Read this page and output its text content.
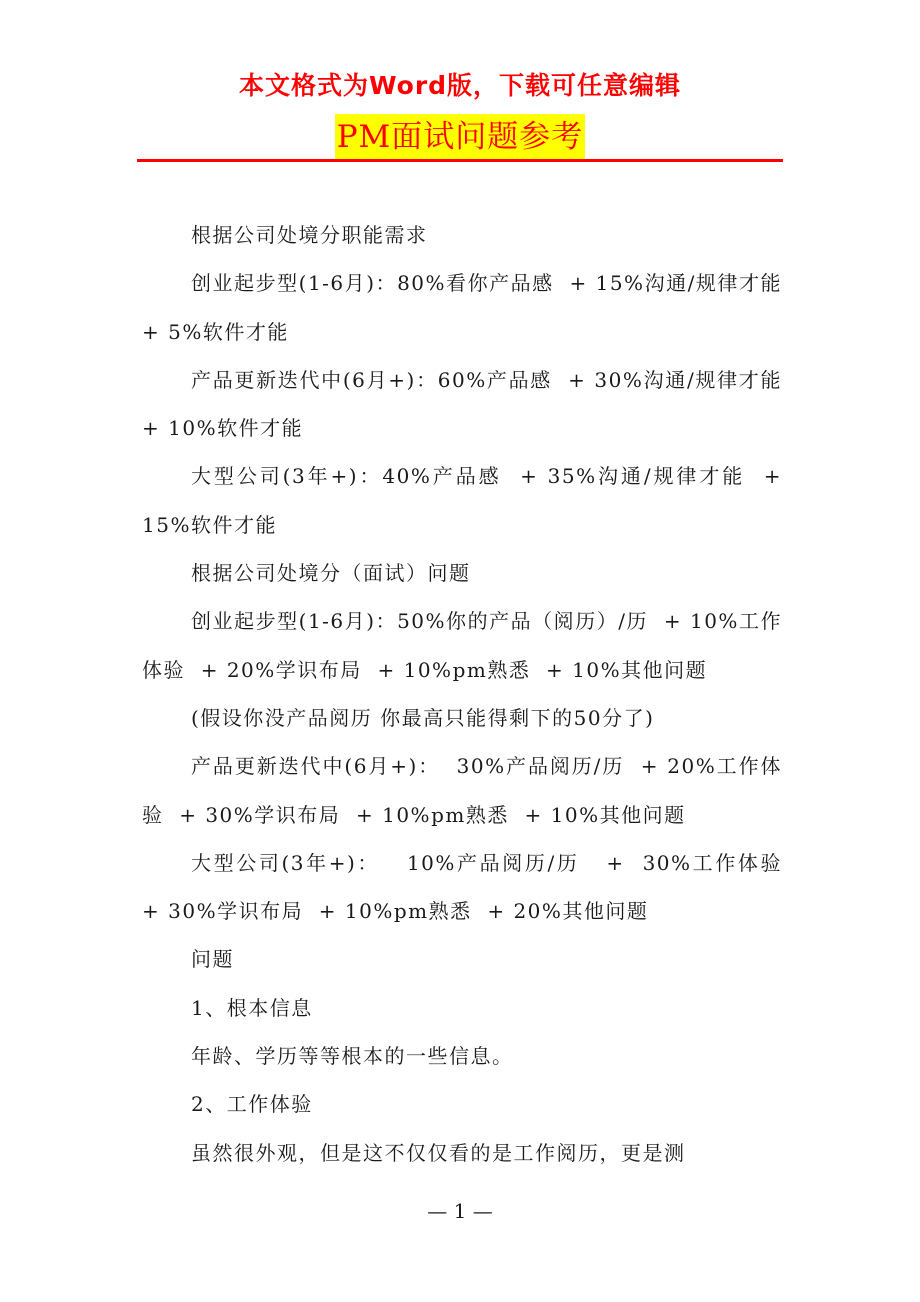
本文格式为Word版，下载可任意编辑
PM面试问题参考

根据公司处境分职能需求

创业起步型(1-6月)：80%看你产品感  + 15%沟通/规律才能  + 5%软件才能

产品更新迭代中(6月+)：60%产品感  + 30%沟通/规律才能  + 10%软件才能

大型公司(3年+)：40%产品感  + 35%沟通/规律才能  + 15%软件才能

根据公司处境分（面试）问题

创业起步型(1-6月)：50%你的产品（阅历）/历  + 10%工作体验  + 20%学识布局  + 10%pm熟悉  + 10%其他问题

(假设你没产品阅历 你最高只能得剩下的50分了)

产品更新迭代中(6月+)：  30%产品阅历/历  + 20%工作体验  + 30%学识布局  + 10%pm熟悉  + 10%其他问题

大型公司(3年+)：   10%产品阅历/历   +  30%工作体验  + 30%学识布局  + 10%pm熟悉  + 20%其他问题

问题

1、根本信息

年龄、学历等等根本的一些信息。

2、工作体验

虽然很外观，但是这不仅仅看的是工作阅历，更是测

— 1 —
